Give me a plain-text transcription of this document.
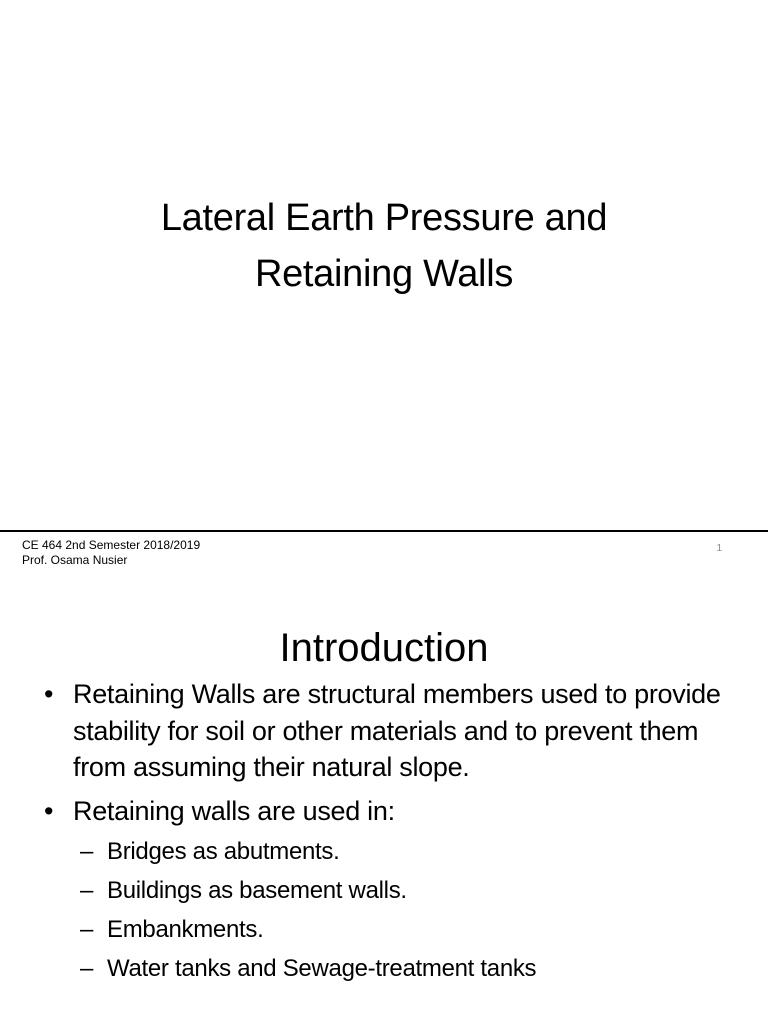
Lateral Earth Pressure and
Retaining Walls
CE 464 2nd Semester 2018/2019
Prof. Osama Nusier
1
Introduction
• Retaining Walls are structural members used to provide stability for soil or other materials and to prevent them from assuming their natural slope.
• Retaining walls are used in:
– Bridges as abutments.
– Buildings as basement walls.
– Embankments.
– Water tanks and Sewage-treatment tanks
